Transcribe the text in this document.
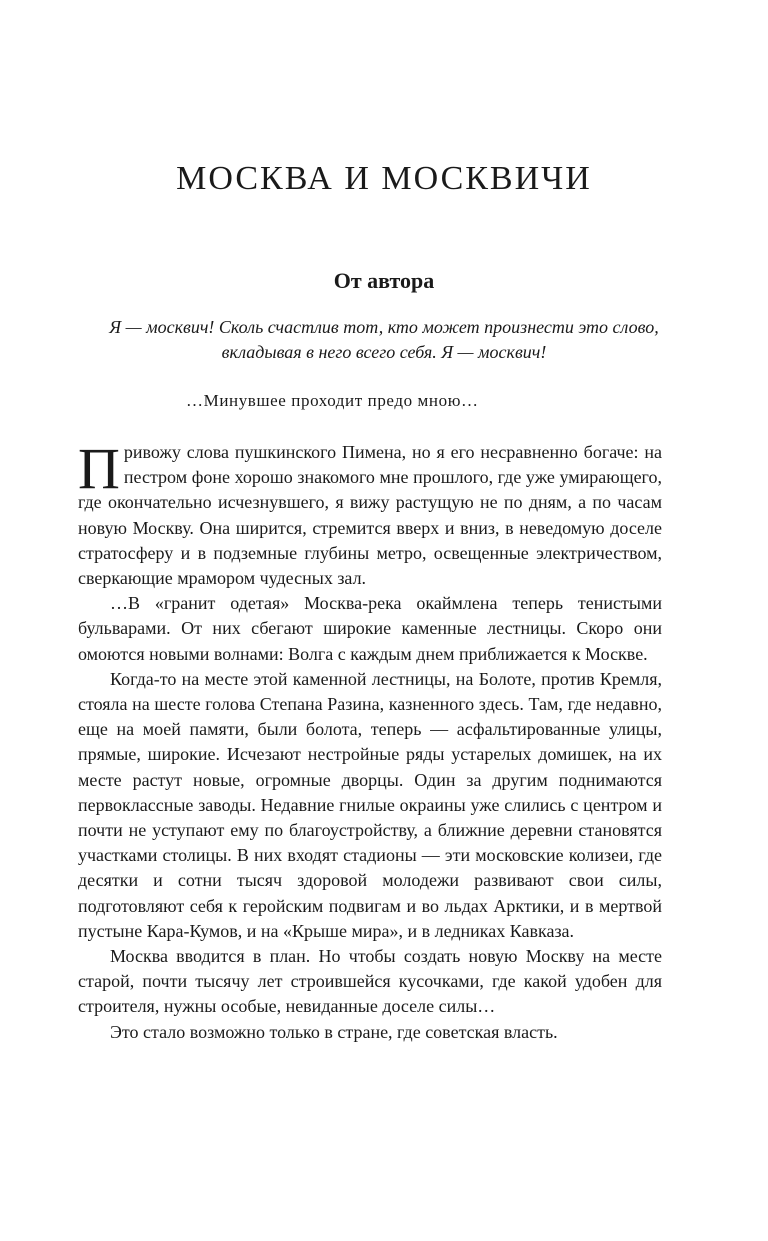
МОСКВА И МОСКВИЧИ
От автора

Я — москвич! Сколь счастлив тот, кто может произнести это слово, вкладывая в него всего себя. Я — москвич!

…Минувшее проходит предо мною…

Привожу слова пушкинского Пимена, но я его несравненно богаче: на пестром фоне хорошо знакомого мне прошлого, где уже умирающего, где окончательно исчезнувшего, я вижу растущую не по дням, а по часам новую Москву. Она ширится, стремится вверх и вниз, в неведомую доселе стратосферу и в подземные глубины метро, освещенные электричеством, сверкающие мрамором чудесных зал.

…В «гранит одетая» Москва-река окаймлена теперь тенистыми бульварами. От них сбегают широкие каменные лестницы. Скоро они омоются новыми волнами: Волга с каждым днем приближается к Москве.

Когда-то на месте этой каменной лестницы, на Болоте, против Кремля, стояла на шесте голова Степана Разина, казненного здесь. Там, где недавно, еще на моей памяти, были болота, теперь — асфальтированные улицы, прямые, широкие. Исчезают нестройные ряды устарелых домишек, на их месте растут новые, огромные дворцы. Один за другим поднимаются первоклассные заводы. Недавние гнилые окраины уже слились с центром и почти не уступают ему по благоустройству, а ближние деревни становятся участками столицы. В них входят стадионы — эти московские колизеи, где десятки и сотни тысяч здоровой молодежи развивают свои силы, подготовляют себя к геройским подвигам и во льдах Арктики, и в мертвой пустыне Кара-Кумов, и на «Крыше мира», и в ледниках Кавказа.

Москва вводится в план. Но чтобы создать новую Москву на месте старой, почти тысячу лет строившейся кусочками, где какой удобен для строителя, нужны особые, невиданные доселе силы…

Это стало возможно только в стране, где советская власть.
